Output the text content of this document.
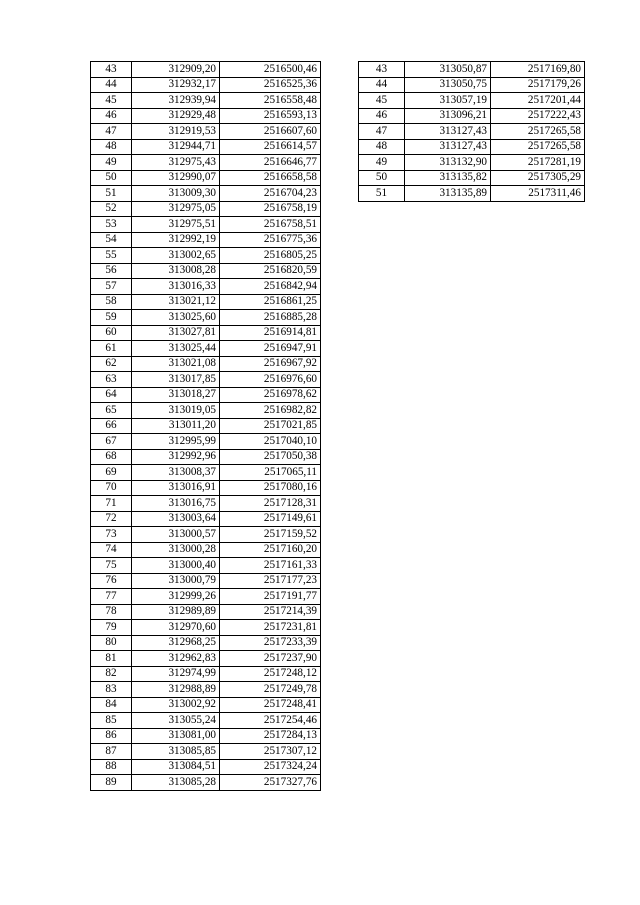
43	312909,20	2516500,46
44	312932,17	2516525,36
45	312939,94	2516558,48
46	312929,48	2516593,13
47	312919,53	2516607,60
48	312944,71	2516614,57
49	312975,43	2516646,77
50	312990,07	2516658,58
51	313009,30	2516704,23
52	312975,05	2516758,19
53	312975,51	2516758,51
54	312992,19	2516775,36
55	313002,65	2516805,25
56	313008,28	2516820,59
57	313016,33	2516842,94
58	313021,12	2516861,25
59	313025,60	2516885,28
60	313027,81	2516914,81
61	313025,44	2516947,91
62	313021,08	2516967,92
63	313017,85	2516976,60
64	313018,27	2516978,62
65	313019,05	2516982,82
66	313011,20	2517021,85
67	312995,99	2517040,10
68	312992,96	2517050,38
69	313008,37	2517065,11
70	313016,91	2517080,16
71	313016,75	2517128,31
72	313003,64	2517149,61
73	313000,57	2517159,52
74	313000,28	2517160,20
75	313000,40	2517161,33
76	313000,79	2517177,23
77	312999,26	2517191,77
78	312989,89	2517214,39
79	312970,60	2517231,81
80	312968,25	2517233,39
81	312962,83	2517237,90
82	312974,99	2517248,12
83	312988,89	2517249,78
84	313002,92	2517248,41
85	313055,24	2517254,46
86	313081,00	2517284,13
87	313085,85	2517307,12
88	313084,51	2517324,24
89	313085,28	2517327,76
43	313050,87	2517169,80
44	313050,75	2517179,26
45	313057,19	2517201,44
46	313096,21	2517222,43
47	313127,43	2517265,58
48	313127,43	2517265,58
49	313132,90	2517281,19
50	313135,82	2517305,29
51	313135,89	2517311,46
